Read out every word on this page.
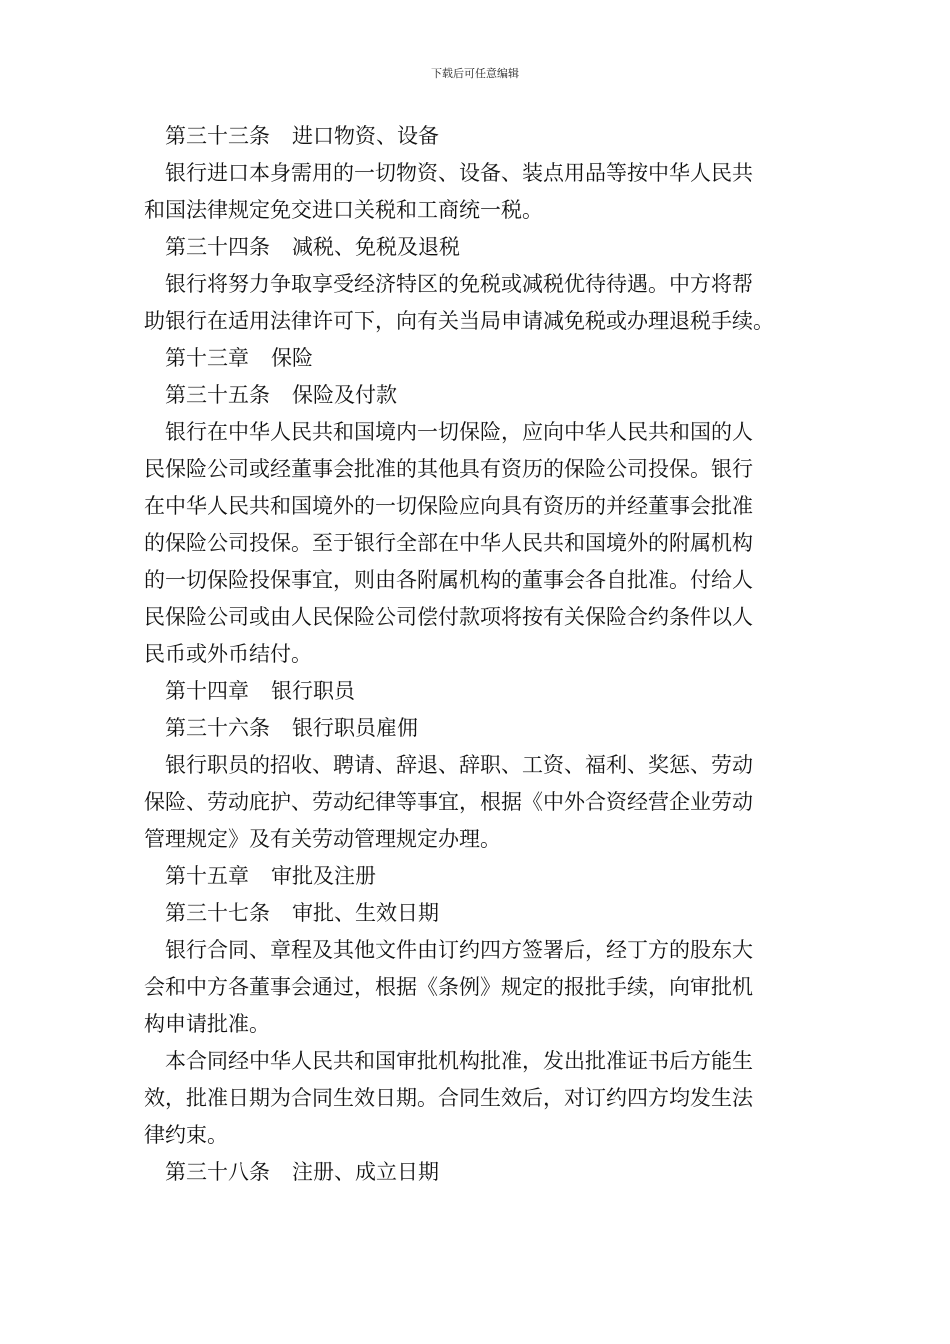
下载后可任意编辑
第三十三条 进口物资、设备
银行进口本身需用的一切物资、设备、装点用品等按中华人民共
和国法律规定免交进口关税和工商统一税。
第三十四条 减税、免税及退税
银行将努力争取享受经济特区的免税或减税优待待遇。中方将帮
助银行在适用法律许可下，向有关当局申请减免税或办理退税手续。
第十三章 保险
第三十五条 保险及付款
银行在中华人民共和国境内一切保险，应向中华人民共和国的人
民保险公司或经董事会批准的其他具有资历的保险公司投保。银行
在中华人民共和国境外的一切保险应向具有资历的并经董事会批准
的保险公司投保。至于银行全部在中华人民共和国境外的附属机构
的一切保险投保事宜，则由各附属机构的董事会各自批准。付给人
民保险公司或由人民保险公司偿付款项将按有关保险合约条件以人
民币或外币结付。
第十四章 银行职员
第三十六条 银行职员雇佣
银行职员的招收、聘请、辞退、辞职、工资、福利、奖惩、劳动
保险、劳动庇护、劳动纪律等事宜，根据《中外合资经营企业劳动
管理规定》及有关劳动管理规定办理。
第十五章 审批及注册
第三十七条 审批、生效日期
银行合同、章程及其他文件由订约四方签署后，经丁方的股东大
会和中方各董事会通过，根据《条例》规定的报批手续，向审批机
构申请批准。
本合同经中华人民共和国审批机构批准，发出批准证书后方能生
效，批准日期为合同生效日期。合同生效后，对订约四方均发生法
律约束。
第三十八条 注册、成立日期
